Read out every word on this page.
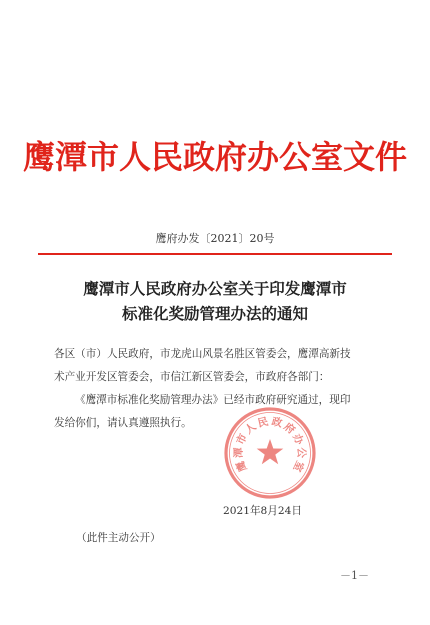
鹰潭市人民政府办公室文件
鹰府办发〔2021〕20号
鹰潭市人民政府办公室关于印发鹰潭市
标准化奖励管理办法的通知
各区（市）人民政府，市龙虎山风景名胜区管委会，鹰潭高新技
术产业开发区管委会，市信江新区管委会，市政府各部门：
《鹰潭市标准化奖励管理办法》已经市政府研究通过，现印
发给你们，请认真遵照执行。
鹰
潭
市
人
民 政
府
办
公
室
2021年8月24日
（此件主动公开）
－1－
